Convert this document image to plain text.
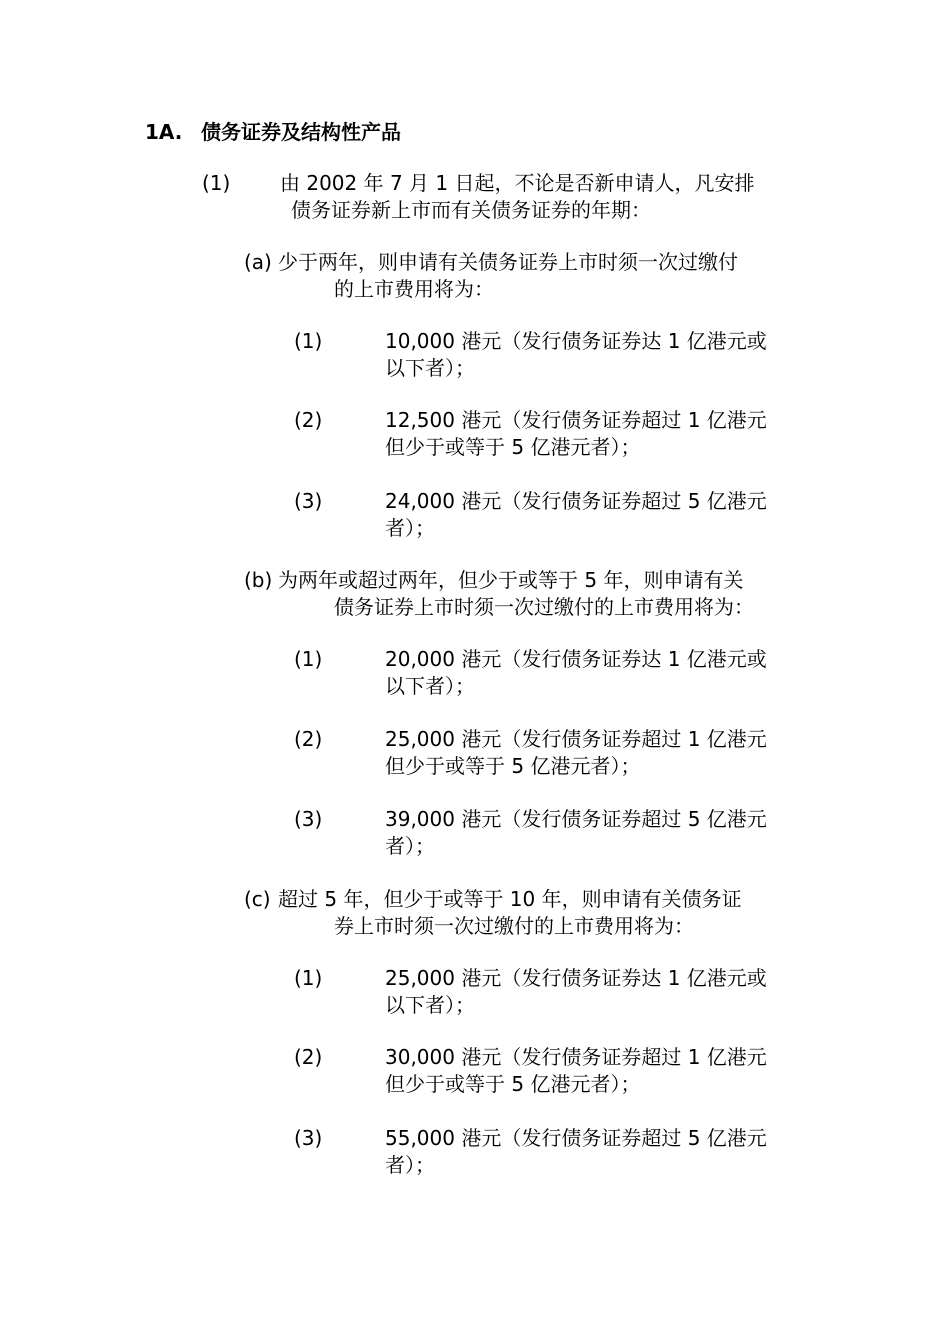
1A. 债务证券及结构性产品
(1) 由 2002 年 7 月 1 日起，不论是否新申请人，凡安排
债务证券新上市而有关债务证券的年期：
(a) 少于两年，则申请有关债务证券上市时须一次过缴付
的上市费用将为：
(1)	10,000 港元（发行债务证券达 1 亿港元或
以下者）；
(2)	12,500 港元（发行债务证券超过 1 亿港元
但少于或等于 5 亿港元者）；
(3)	24,000 港元（发行债务证券超过 5 亿港元
者）；
(b) 为两年或超过两年，但少于或等于 5 年，则申请有关
债务证券上市时须一次过缴付的上市费用将为：
(1)	20,000 港元（发行债务证券达 1 亿港元或
以下者）；
(2)	25,000 港元（发行债务证券超过 1 亿港元
但少于或等于 5 亿港元者）；
(3)	39,000 港元（发行债务证券超过 5 亿港元
者）；
(c) 超过 5 年，但少于或等于 10 年，则申请有关债务证
券上市时须一次过缴付的上市费用将为：
(1)	25,000 港元（发行债务证券达 1 亿港元或
以下者）；
(2)	30,000 港元（发行债务证券超过 1 亿港元
但少于或等于 5 亿港元者）；
(3)	55,000 港元（发行债务证券超过 5 亿港元
者）；
